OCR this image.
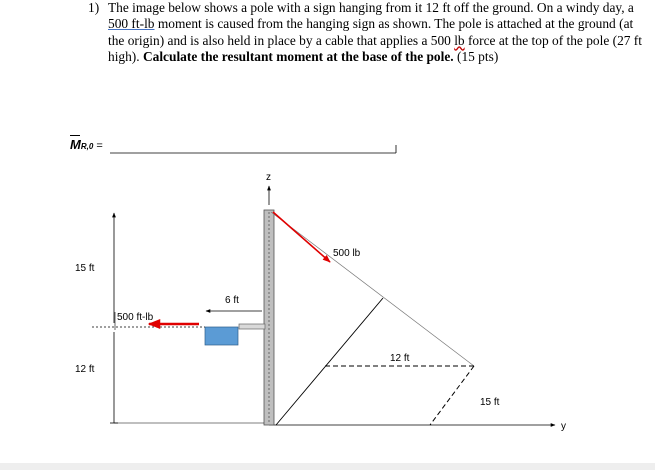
1) The image below shows a pole with a sign hanging from it 12 ft off the ground. On a windy day, a 500 ft-lb moment is caused from the hanging sign as shown. The pole is attached at the ground (at the origin) and is also held in place by a cable that applies a 500 lb force at the top of the pole (27 ft high). Calculate the resultant moment at the base of the pole. (15 pts)

MR,0 =
z
y
500 ft-lb
6 ft
15 ft
12 ft
500 lb
12 ft
15 ft
